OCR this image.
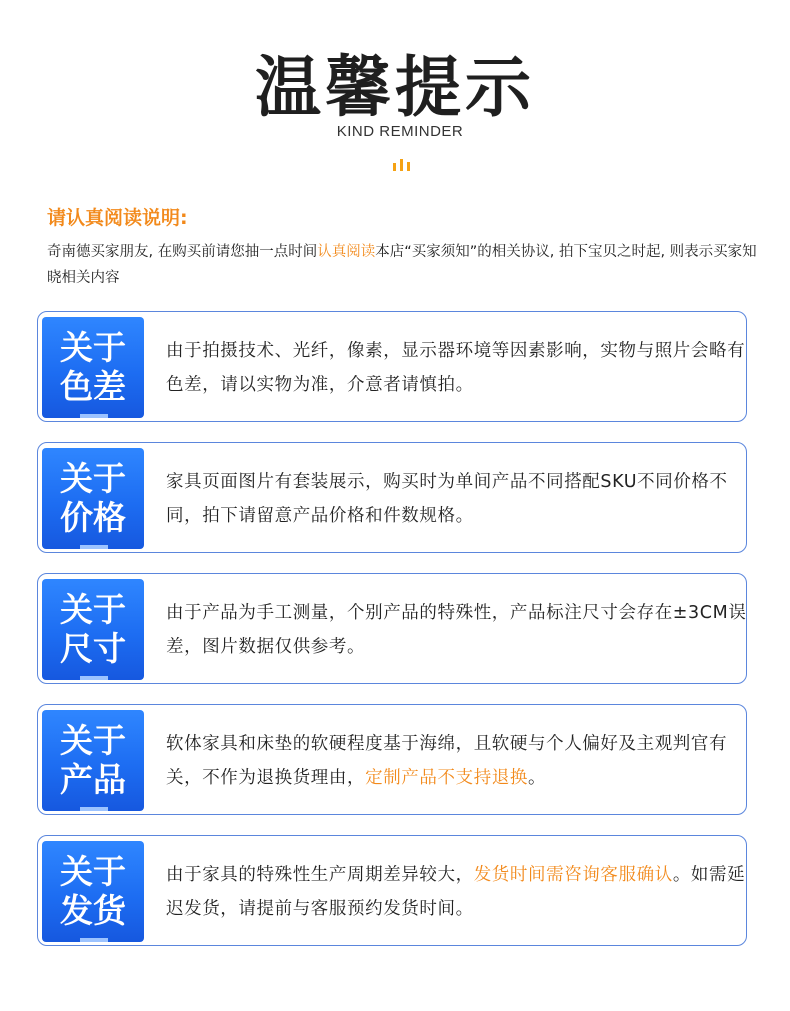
温馨提示
KIND REMINDER
请认真阅读说明:
奇南德买家朋友, 在购买前请您抽一点时间认真阅读本店“买家须知”的相关协议, 拍下宝贝之时起, 则表示买家知晓相关内容
关于
色差
由于拍摄技术、光纤，像素，显示器环境等因素影响，实物与照片会略有色差，请以实物为准，介意者请慎拍。
关于
价格
家具页面图片有套装展示，购买时为单间产品不同搭配SKU不同价格不同，拍下请留意产品价格和件数规格。
关于
尺寸
由于产品为手工测量，个别产品的特殊性，产品标注尺寸会存在±3CM误差，图片数据仅供参考。
关于
产品
软体家具和床垫的软硬程度基于海绵，且软硬与个人偏好及主观判官有关，不作为退换货理由，定制产品不支持退换。
关于
发货
由于家具的特殊性生产周期差异较大，发货时间需咨询客服确认。如需延迟发货，请提前与客服预约发货时间。
